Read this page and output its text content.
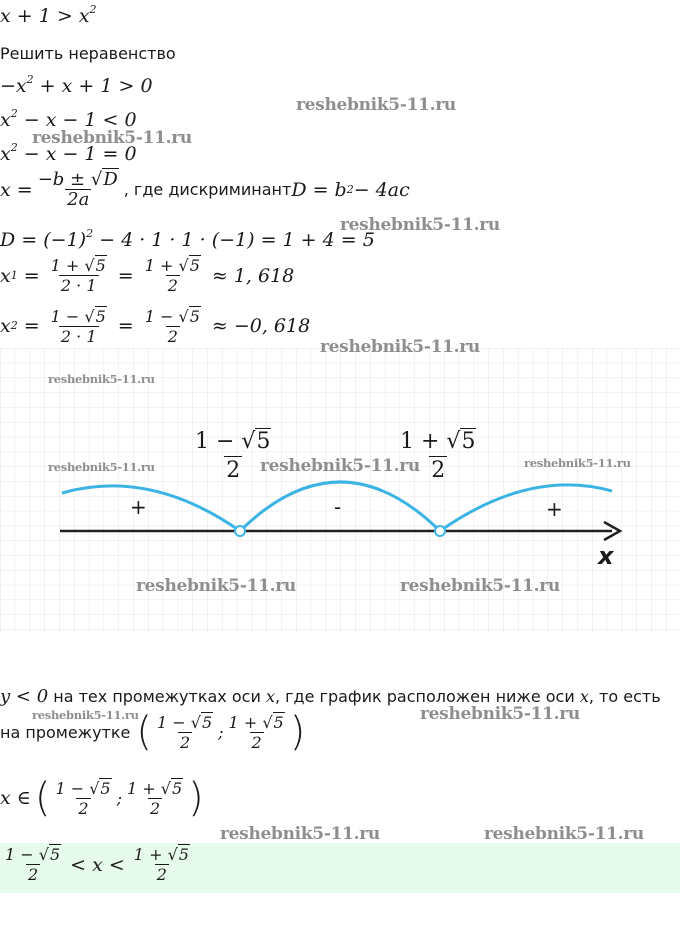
$x + 1 > x^2$
Решить неравенство
$-x^2 + x + 1 > 0$
$x^2 - x - 1 < 0$
$x^2 - x - 1 = 0$
$x = \frac{-b \pm √D}{2a}$ , где дискриминант D = b 2 − 4ac
$D = (-1)^2 - 4 \cdot 1 \cdot 1 \cdot (-1) = 1 + 4 = 5$
x $1 = \frac{1 + √5}{2 \cdot 1} = \frac{1 + √5}{2} \approx 1$, 618
x $2 = \frac{1 - √5}{2 \cdot 1} = \frac{1 - √5}{2} \approx -0$, 618
$\frac{1 - √5}{2}$	$\frac{1 + √5}{2}$
+	-	+
x
y < 0 на тех промежутках оси x, где график расположен ниже оси x, то есть
на промежутке ( $\frac{1 - √5}{2}$ ; $\frac{1 + √5}{2}$ )
x ∈ ( $\frac{1 - √5}{2}$ ; $\frac{1 + √5}{2}$ )
$\frac{1 - √5}{2} < x < \frac{1 + √5}{2}$
reshebnik5-11.ru
reshebnik5-11.ru
reshebnik5-11.ru
reshebnik5-11.ru
reshebnik5-11.ru
reshebnik5-11.ru	reshebnik5-11.ru	reshebnik5-11.ru
reshebnik5-11.ru	reshebnik5-11.ru
reshebnik5-11.ru	reshebnik5-11.ru
reshebnik5-11.ru	reshebnik5-11.ru
